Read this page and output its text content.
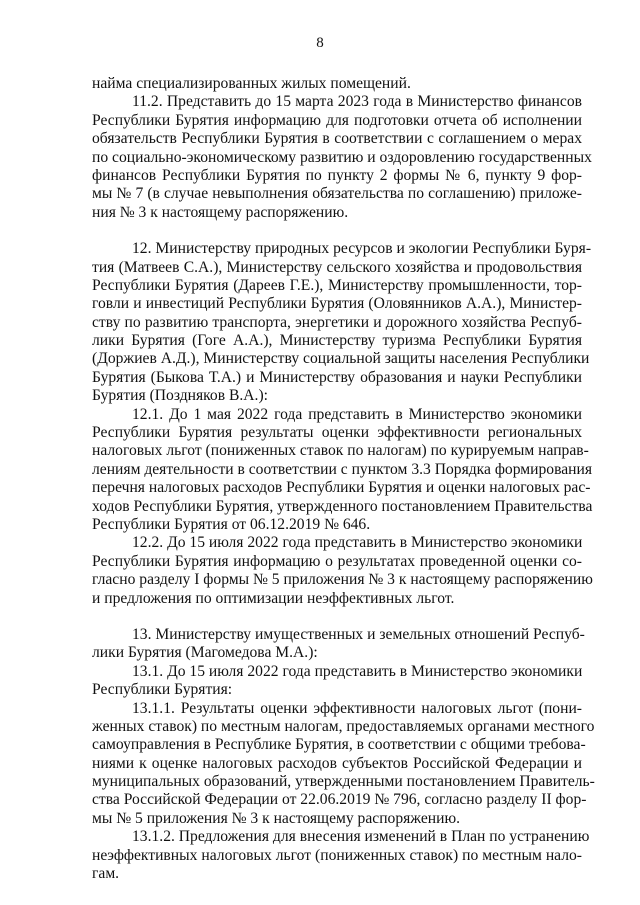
8
найма специализированных жилых помещений.
11.2. Представить до 15 марта 2023 года в Министерство финансов
Республики Бурятия информацию для подготовки отчета об исполнении
обязательств Республики Бурятия в соответствии с соглашением о мерах
по социально-экономическому развитию и оздоровлению государственных
финансов Республики Бурятия по пункту 2 формы № 6, пункту 9 фор-
мы № 7 (в случае невыполнения обязательства по соглашению) приложе-
ния № 3 к настоящему распоряжению.
12. Министерству природных ресурсов и экологии Республики Буря-
тия (Матвеев С.А.), Министерству сельского хозяйства и продовольствия
Республики Бурятия (Дареев Г.Е.), Министерству промышленности, тор-
говли и инвестиций Республики Бурятия (Оловянников А.А.), Министер-
ству по развитию транспорта, энергетики и дорожного хозяйства Респуб-
лики Бурятия (Гоге А.А.), Министерству туризма Республики Бурятия
(Доржиев А.Д.), Министерству социальной защиты населения Республики
Бурятия (Быкова Т.А.) и Министерству образования и науки Республики
Бурятия (Поздняков В.А.):
12.1. До 1 мая 2022 года представить в Министерство экономики
Республики Бурятия результаты оценки эффективности региональных
налоговых льгот (пониженных ставок по налогам) по курируемым направ-
лениям деятельности в соответствии с пунктом 3.3 Порядка формирования
перечня налоговых расходов Республики Бурятия и оценки налоговых рас-
ходов Республики Бурятия, утвержденного постановлением Правительства
Республики Бурятия от 06.12.2019 № 646.
12.2. До 15 июля 2022 года представить в Министерство экономики
Республики Бурятия информацию о результатах проведенной оценки со-
гласно разделу I формы № 5 приложения № 3 к настоящему распоряжению
и предложения по оптимизации неэффективных льгот.
13. Министерству имущественных и земельных отношений Респуб-
лики Бурятия (Магомедова М.А.):
13.1. До 15 июля 2022 года представить в Министерство экономики
Республики Бурятия:
13.1.1. Результаты оценки эффективности налоговых льгот (пони-
женных ставок) по местным налогам, предоставляемых органами местного
самоуправления в Республике Бурятия, в соответствии с общими требова-
ниями к оценке налоговых расходов субъектов Российской Федерации и
муниципальных образований, утвержденными постановлением Правитель-
ства Российской Федерации от 22.06.2019 № 796, согласно разделу II фор-
мы № 5 приложения № 3 к настоящему распоряжению.
13.1.2. Предложения для внесения изменений в План по устранению
неэффективных налоговых льгот (пониженных ставок) по местным нало-
гам.
